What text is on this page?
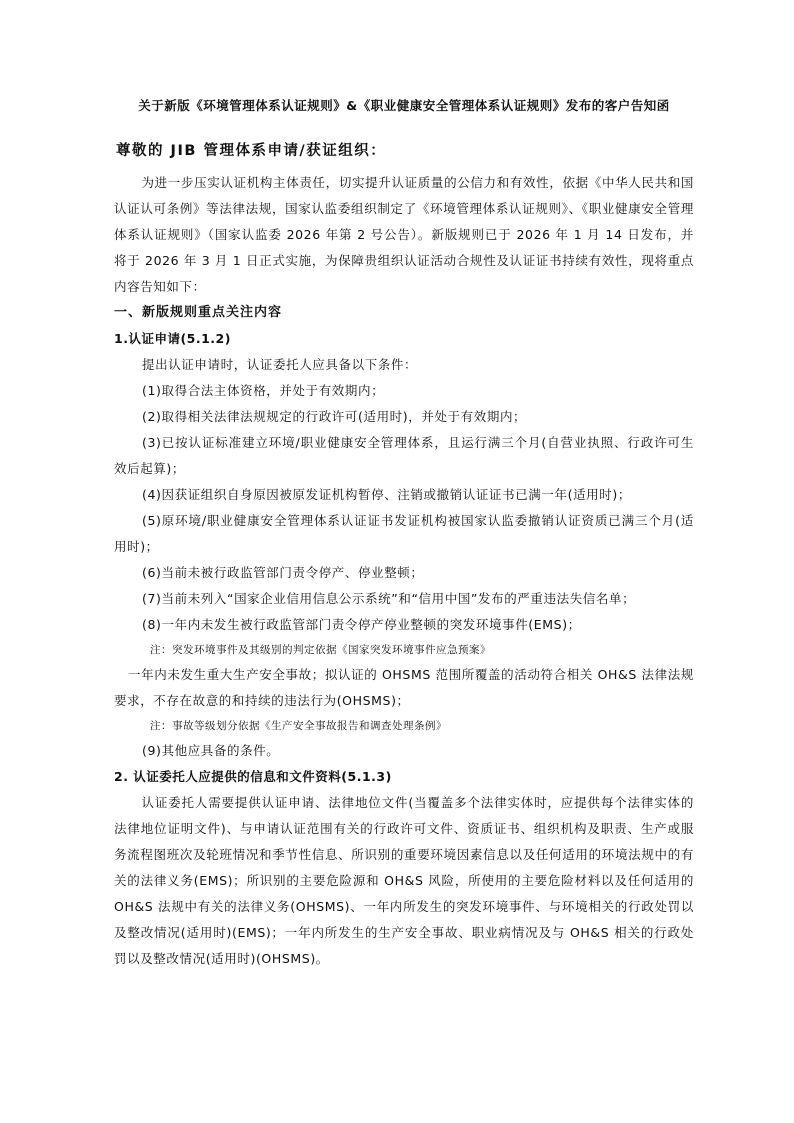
关于新版《环境管理体系认证规则》&《职业健康安全管理体系认证规则》发布的客户告知函
尊敬的 JIB 管理体系申请/获证组织：

为进一步压实认证机构主体责任，切实提升认证质量的公信力和有效性，依据《中华人民共和国认证认可条例》等法律法规，国家认监委组织制定了《环境管理体系认证规则》、《职业健康安全管理体系认证规则》（国家认监委 2026 年第 2 号公告）。新版规则已于 2026 年 1 月 14 日发布，并将于 2026 年 3 月 1 日正式实施，为保障贵组织认证活动合规性及认证证书持续有效性，现将重点内容告知如下：

一、新版规则重点关注内容
1.认证申请(5.1.2)

提出认证申请时，认证委托人应具备以下条件：

(1)取得合法主体资格，并处于有效期内；

(2)取得相关法律法规规定的行政许可(适用时)，并处于有效期内；

(3)已按认证标准建立环境/职业健康安全管理体系，且运行满三个月(自营业执照、行政许可生效后起算)；

(4)因获证组织自身原因被原发证机构暂停、注销或撤销认证证书已满一年(适用时)；

(5)原环境/职业健康安全管理体系认证证书发证机构被国家认监委撤销认证资质已满三个月(适用时)；

(6)当前未被行政监管部门责令停产、停业整顿；

(7)当前未列入“国家企业信用信息公示系统”和“信用中国”发布的严重违法失信名单；

(8)一年内未发生被行政监管部门责令停产停业整顿的突发环境事件(EMS)；

注：突发环境事件及其级别的判定依据《国家突发环境事件应急预案》

一年内未发生重大生产安全事故；拟认证的 OHSMS 范围所覆盖的活动符合相关 OH&S 法律法规要求，不存在故意的和持续的违法行为(OHSMS)；

注：事故等级划分依据《生产安全事故报告和调查处理条例》

(9)其他应具备的条件。

2. 认证委托人应提供的信息和文件资料(5.1.3)

认证委托人需要提供认证申请、法律地位文件(当覆盖多个法律实体时，应提供每个法律实体的法律地位证明文件)、与申请认证范围有关的行政许可文件、资质证书、组织机构及职责、生产或服务流程图班次及轮班情况和季节性信息、所识别的重要环境因素信息以及任何适用的环境法规中的有关的法律义务(EMS)；所识别的主要危险源和 OH&S 风险，所使用的主要危险材料以及任何适用的 OH&S 法规中有关的法律义务(OHSMS)、一年内所发生的突发环境事件、与环境相关的行政处罚以及整改情况(适用时)(EMS)；一年内所发生的生产安全事故、职业病情况及与 OH&S 相关的行政处罚以及整改情况(适用时)(OHSMS)。
